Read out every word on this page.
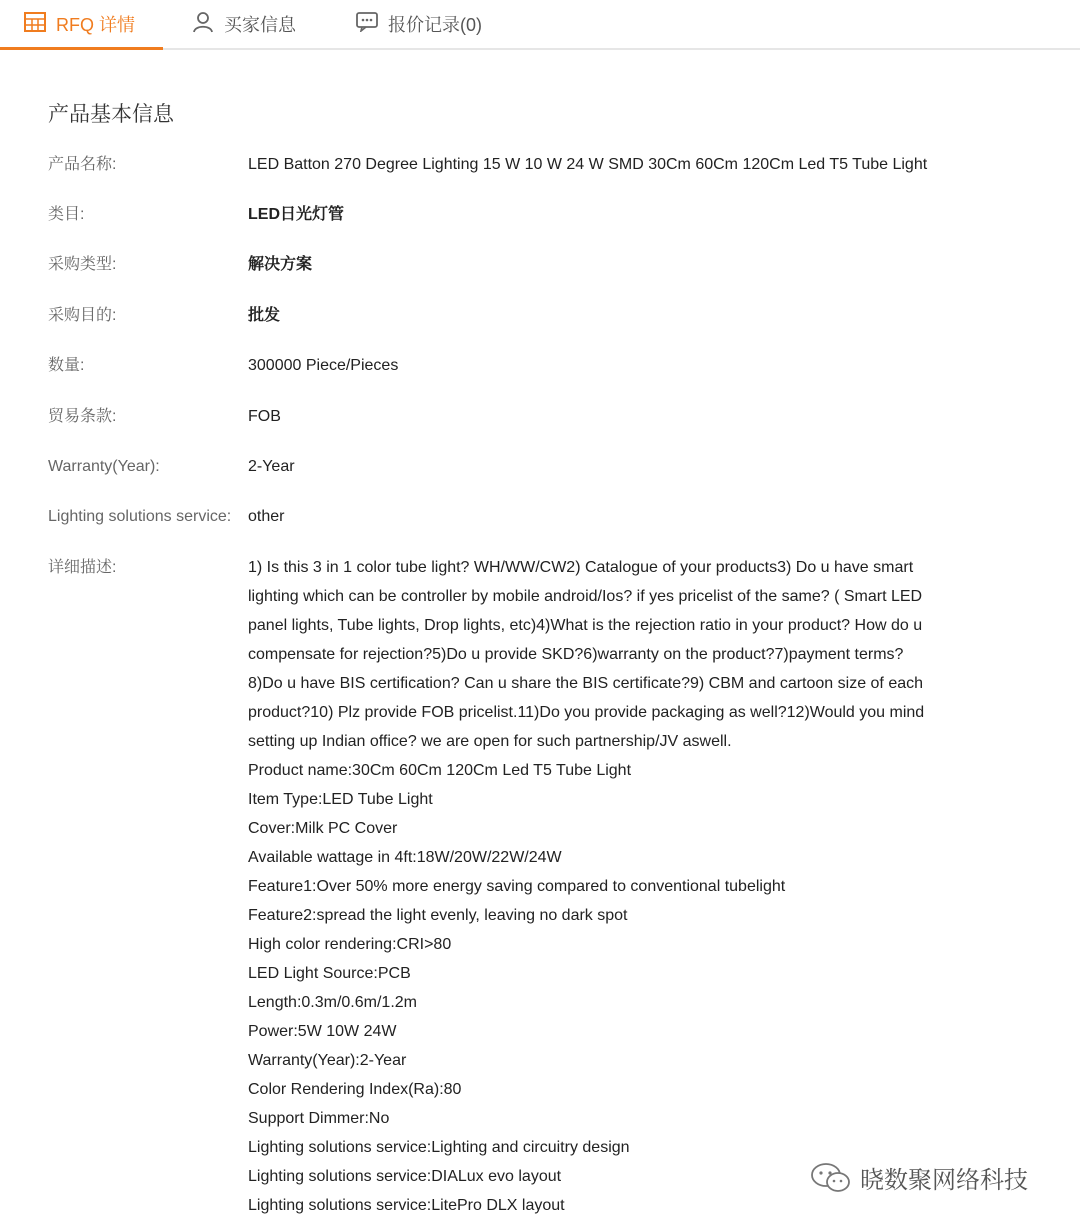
RFQ 详情	买家信息	报价记录(0)
产品基本信息
产品名称:	LED Batton 270 Degree Lighting 15 W 10 W 24 W SMD 30Cm 60Cm 120Cm Led T5 Tube Light
类目:	LED日光灯管
采购类型:	解决方案
采购目的:	批发
数量:	300000 Piece/Pieces
贸易条款:	FOB
Warranty(Year):	2-Year
Lighting solutions service: other
详细描述:	1) Is this 3 in 1 color tube light? WH/WW/CW2) Catalogue of your products3) Do u have smart
lighting which can be controller by mobile android/Ios? if yes pricelist of the same? ( Smart LED
panel lights, Tube lights, Drop lights, etc)4)What is the rejection ratio in your product? How do u
compensate for rejection?5)Do u provide SKD?6)warranty on the product?7)payment terms?
8)Do u have BIS certification? Can u share the BIS certificate?9) CBM and cartoon size of each
product?10) Plz provide FOB pricelist.11)Do you provide packaging as well?12)Would you mind
setting up Indian office? we are open for such partnership/JV aswell.
Product name:30Cm 60Cm 120Cm Led T5 Tube Light
Item Type:LED Tube Light
Cover:Milk PC Cover
Available wattage in 4ft:18W/20W/22W/24W
Feature1:Over 50% more energy saving compared to conventional tubelight
Feature2:spread the light evenly, leaving no dark spot
High color rendering:CRI>80
LED Light Source:PCB
Length:0.3m/0.6m/1.2m
Power:5W 10W 24W
Warranty(Year):2-Year
Color Rendering Index(Ra):80
Support Dimmer:No
Lighting solutions service:Lighting and circuitry design
Lighting solutions service:DIALux evo layout
Lighting solutions service:LitePro DLX layout
晓数聚网络科技
